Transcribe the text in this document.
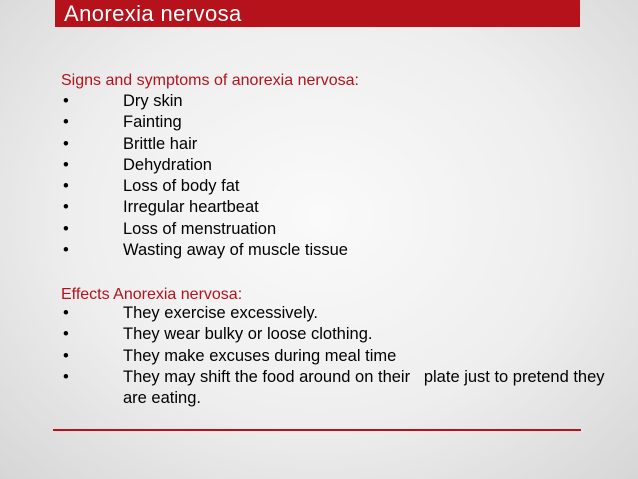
Anorexia nervosa
Signs and symptoms of anorexia nervosa:
•	Dry skin
•	Fainting
•	Brittle hair
•	Dehydration
•	Loss of body fat
•	Irregular heartbeat
•	Loss of menstruation
•	Wasting away of muscle tissue
Effects Anorexia nervosa:
•	They exercise excessively.
•	They wear bulky or loose clothing.
•	They make excuses during meal time
•	They may shift the food around on their   plate just to pretend they are eating.
